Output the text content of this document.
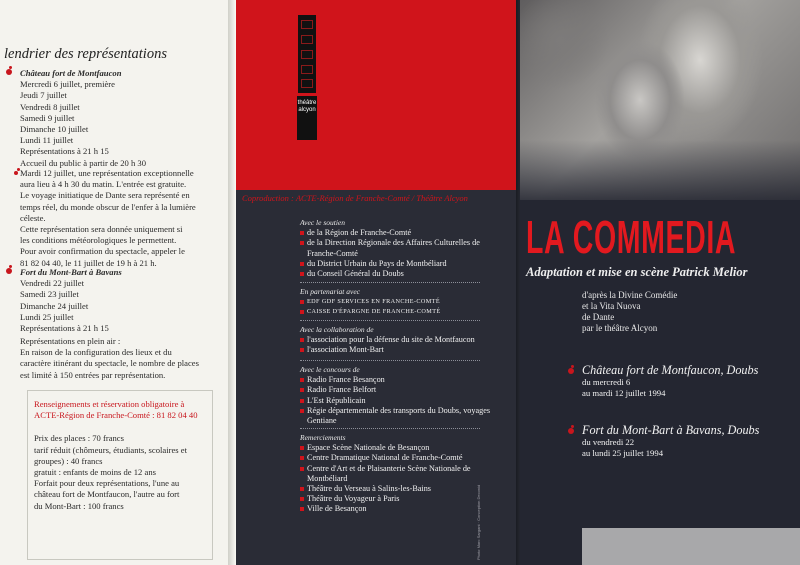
lendrier des représentations
Château fort de Montfaucon
Mercredi 6 juillet, première
Jeudi 7 juillet
Vendredi 8 juillet
Samedi 9 juillet
Dimanche 10 juillet
Lundi 11 juillet
Représentations à 21 h 15
Accueil du public à partir de 20 h 30
Mardi 12 juillet, une représentation exceptionnelle
aura lieu à 4 h 30 du matin. L'entrée est gratuite.
Le voyage initiatique de Dante sera représenté en
temps réel, du monde obscur de l'enfer à la lumière
céleste.
Cette représentation sera donnée uniquement si
les conditions météorologiques le permettent.
Pour avoir confirmation du spectacle, appeler le
81 82 04 40, le 11 juillet de 19 h à 21 h.
Fort du Mont-Bart à Bavans
Vendredi 22 juillet
Samedi 23 juillet
Dimanche 24 juillet
Lundi 25 juillet
Représentations à 21 h 15
Représentations en plein air :
En raison de la configuration des lieux et du
caractère itinérant du spectacle, le nombre de places
est limité à 150 entrées par représentation.
Renseignements et réservation obligatoire à
ACTE-Région de Franche-Comté : 81 82 04 40
Prix des places : 70 francs
tarif réduit (chômeurs, étudiants, scolaires et
groupes) : 40 francs
gratuit : enfants de moins de 12 ans
Forfait pour deux représentations, l'une au
château fort de Montfaucon, l'autre au fort
du Mont-Bart : 100 francs
théâtre
alcyon
Coproduction : ACTE-Région de Franche-Comté / Théâtre Alcyon
Avec le soutien
de la Région de Franche-Comté
de la Direction Régionale des Affaires Culturelles de Franche-Comté
du District Urbain du Pays de Montbéliard
du Conseil Général du Doubs
En partenariat avec
EDF GDF SERVICES EN FRANCHE-COMTÉ
CAISSE D'ÉPARGNE DE FRANCHE-COMTÉ
Avec la collaboration de
l'association pour la défense du site de Montfaucon
l'association Mont-Bart
Avec le concours de
Radio France Besançon
Radio France Belfort
L'Est Républicain
Régie départementale des transports du Doubs, voyages Gentiane
Remerciements
Espace Scène Nationale de Besançon
Centre Dramatique National de Franche-Comté
Centre d'Art et de Plaisanterie Scène Nationale de Montbéliard
Théâtre du Verseau à Salins-les-Bains
Théâtre du Voyageur à Paris
Ville de Besançon	Photo Marc Sargant · Conception Deconid
LA COMMEDIA
Adaptation et mise en scène Patrick Melior
d'après la Divine Comédie
et la Vita Nuova
de Dante
par le théâtre Alcyon
Château fort de Montfaucon, Doubs
du mercredi 6
au mardi 12 juillet 1994
Fort du Mont-Bart à Bavans, Doubs
du vendredi 22
au lundi 25 juillet 1994
